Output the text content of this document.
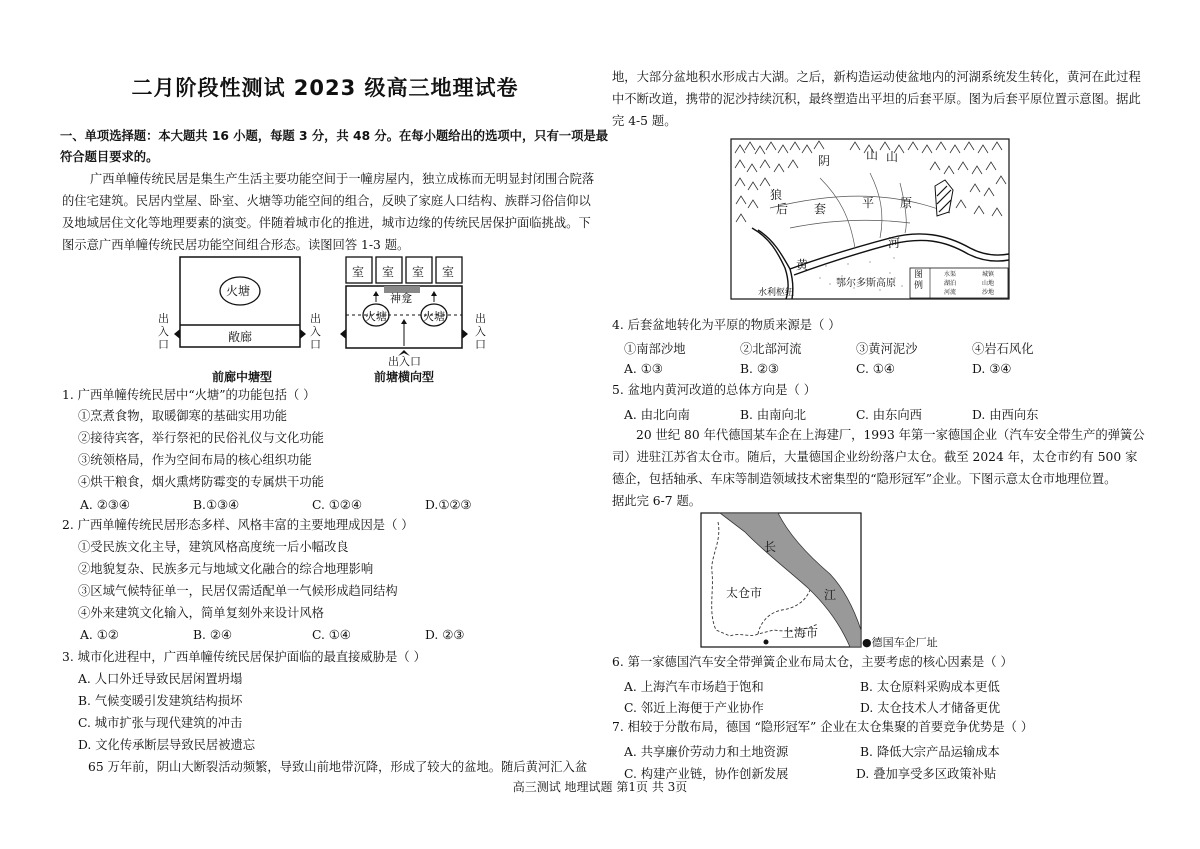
二月阶段性测试 2023 级高三地理试卷
一、单项选择题：本大题共 16 小题，每题 3 分，共 48 分。在每小题给出的选项中，只有一项是最
符合题目要求的。
广西单幢传统民居是集生产生活主要功能空间于一幢房屋内，独立成栋而无明显封闭围合院落
的住宅建筑。民居内堂屋、卧室、火塘等功能空间的组合，反映了家庭人口结构、族群习俗信仰以
及地域居住文化等地理要素的演变。伴随着城市化的推进，城市边缘的传统民居保护面临挑战。下
图示意广西单幢传统民居功能空间组合形态。读图回答 1-3 题。
火塘
敞廊
出
入
口
出
入
口
室 室 室 室
神龛
火塘	火塘	出
入
口
出入口
前廊中塘型	前塘横向型
1. 广西单幢传统民居中“火塘”的功能包括（ ）
①烹煮食物，取暖御寒的基础实用功能
②接待宾客，举行祭祀的民俗礼仪与文化功能
③统领格局，作为空间布局的核心组织功能
④烘干粮食，烟火熏烤防霉变的专属烘干功能
A. ②③④	B.①③④	C. ①②④	D.①②③
2. 广西单幢传统民居形态多样、风格丰富的主要地理成因是（ ）
①受民族文化主导，建筑风格高度统一后小幅改良
②地貌复杂、民族多元与地域文化融合的综合地理影响
③区域气候特征单一，民居仅需适配单一气候形成趋同结构
④外来建筑文化输入，简单复刻外来设计风格
A. ①②	B. ②④	C. ①④	D. ②③
3. 城市化进程中，广西单幢传统民居保护面临的最直接威胁是（ ）
A. 人口外迁导致民居闲置坍塌
B. 气候变暖引发建筑结构损坏
C. 城市扩张与现代建筑的冲击
D. 文化传承断层导致民居被遗忘
65 万年前，阴山大断裂活动频繁，导致山前地带沉降，形成了较大的盆地。随后黄河汇入盆
地，大部分盆地积水形成古大湖。之后，新构造运动使盆地内的河湖系统发生转化，黄河在此过程
中不断改道，携带的泥沙持续沉积，最终塑造出平坦的后套平原。图为后套平原位置示意图。据此
完 4-5 题。
阴	山
狼
山
后 套	平 原
河
黄
鄂尔多斯高原
水利枢纽
图例
水渠
湖泊
河流
城镇
山地
沙地
4. 后套盆地转化为平原的物质来源是（ ）
①南部沙地	②北部河流	③黄河泥沙	④岩石风化
A. ①③	B. ②③	C. ①④	D. ③④
5. 盆地内黄河改道的总体方向是（ ）
A. 由北向南	B. 由南向北	C. 由东向西	D. 由西向东
20 世纪 80 年代德国某车企在上海建厂，1993 年第一家德国企业（汽车安全带生产的弹簧公
司）进驻江苏省太仓市。随后，大量德国企业纷纷落户太仓。截至 2024 年，太仓市约有 500 家
德企，包括轴承、车床等制造领域技术密集型的“隐形冠军”企业。下图示意太仓市地理位置。
据此完 6-7 题。
长
江
太仓市
上海市
●德国车企厂址
6. 第一家德国汽车安全带弹簧企业布局太仓，主要考虑的核心因素是（ ）
A. 上海汽车市场趋于饱和	B. 太仓原料采购成本更低
C. 邻近上海便于产业协作	D. 太仓技术人才储备更优
7. 相较于分散布局，德国 “隐形冠军” 企业在太仓集聚的首要竞争优势是（ ）
A. 共享廉价劳动力和土地资源	B. 降低大宗产品运输成本
C. 构建产业链，协作创新发展	D. 叠加享受多区政策补贴
高三测试 地理试题 第1页 共 3页
